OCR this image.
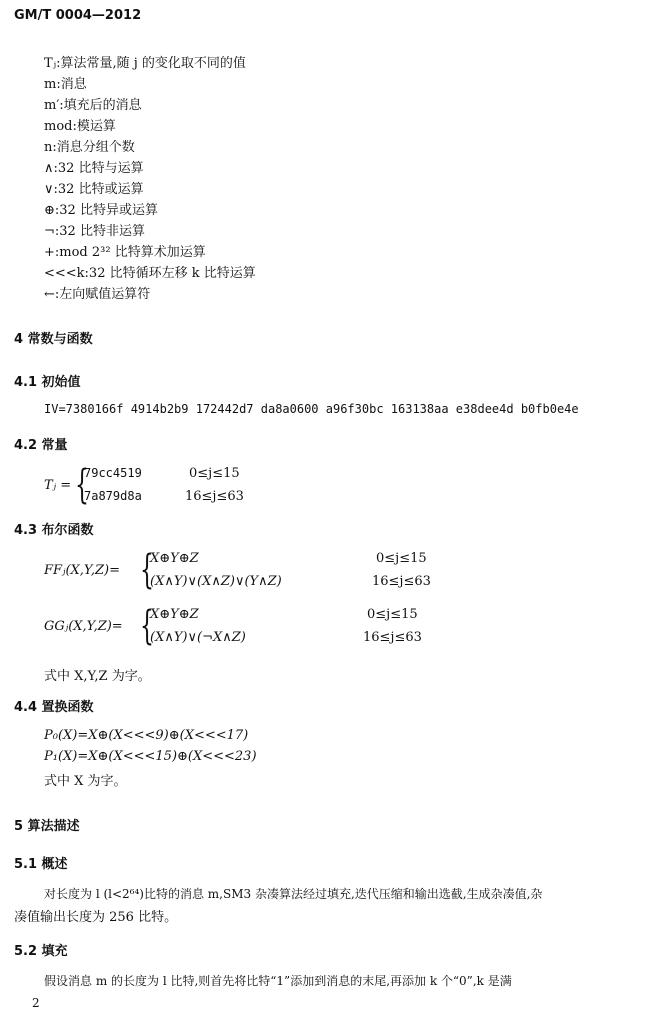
GM/T 0004—2012
Tⱼ:算法常量,随 j 的变化取不同的值
m:消息
m′:填充后的消息
mod:模运算
n:消息分组个数
∧:32 比特与运算
∨:32 比特或运算
⊕:32 比特异或运算
¬:32 比特非运算
+:mod 2³² 比特算术加运算
<<<k:32 比特循环左移 k 比特运算
←:左向赋值运算符
4 常数与函数
4.1 初始值
IV=7380166f 4914b2b9 172442d7 da8a0600 a96f30bc 163138aa e38dee4d b0fb0e4e
4.2 常量
Tⱼ = {
79cc4519	0≤j≤15
7a879d8a	16≤j≤63
4.3 布尔函数
FFⱼ(X,Y,Z)= {
X⊕Y⊕Z	0≤j≤15
(X∧Y)∨(X∧Z)∨(Y∧Z)	16≤j≤63
GGⱼ(X,Y,Z)= {
X⊕Y⊕Z	0≤j≤15
(X∧Y)∨(¬X∧Z)	16≤j≤63
式中 X,Y,Z 为字。
4.4 置换函数
P₀(X)=X⊕(X<<<9)⊕(X<<<17)
P₁(X)=X⊕(X<<<15)⊕(X<<<23)
式中 X 为字。
5 算法描述
5.1 概述
对长度为 l (l<2⁶⁴)比特的消息 m,SM3 杂凑算法经过填充,迭代压缩和输出选截,生成杂凑值,杂
凑值输出长度为 256 比特。
5.2 填充
假设消息 m 的长度为 l 比特,则首先将比特“1”添加到消息的末尾,再添加 k 个“0”,k 是满
2
